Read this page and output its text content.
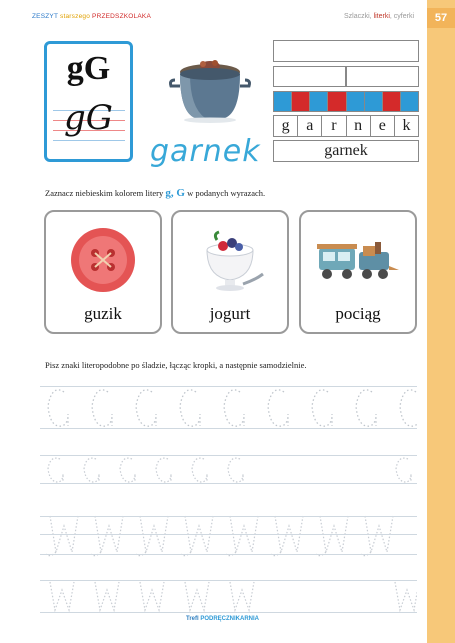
57
ZESZYT starszego PRZEDSZKOLAKA	Szlaczki, literki, cyferki
gG
gG
garnek
g	a	r	n	e	k
garnek
Zaznacz niebieskim kolorem litery g, G w podanych wyrazach.
guzik	jogurt	pociąg
Pisz znaki literopodobne po śladzie, łącząc kropki, a następnie samodzielnie.
Trefl PODRĘCZNIKARNIA
